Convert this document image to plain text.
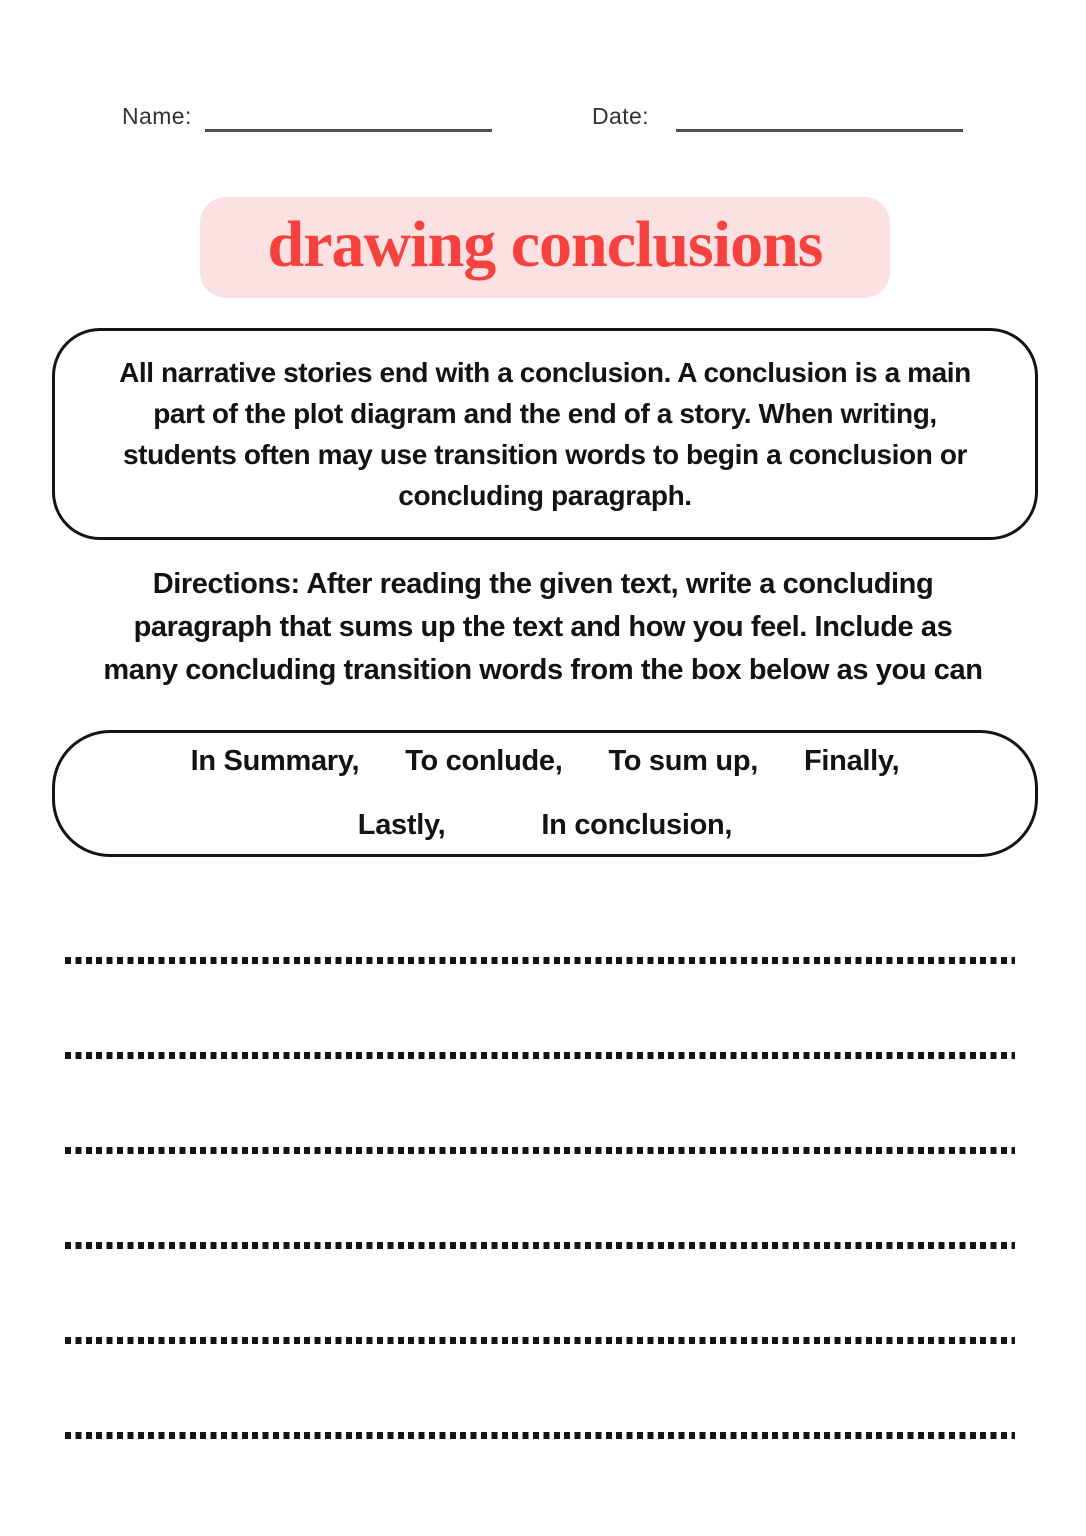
Name:	Date:
drawing conclusions
All narrative stories end with a conclusion. A conclusion is a main
part of the plot diagram and the end of a story. When writing,
students often may use transition words to begin a conclusion or
concluding paragraph.
Directions: After reading the given text, write a concluding
paragraph that sums up the text and how you feel. Include as
many concluding transition words from the box below as you can
In Summary, To conlude, To sum up, Finally,
Lastly,	In conclusion,
